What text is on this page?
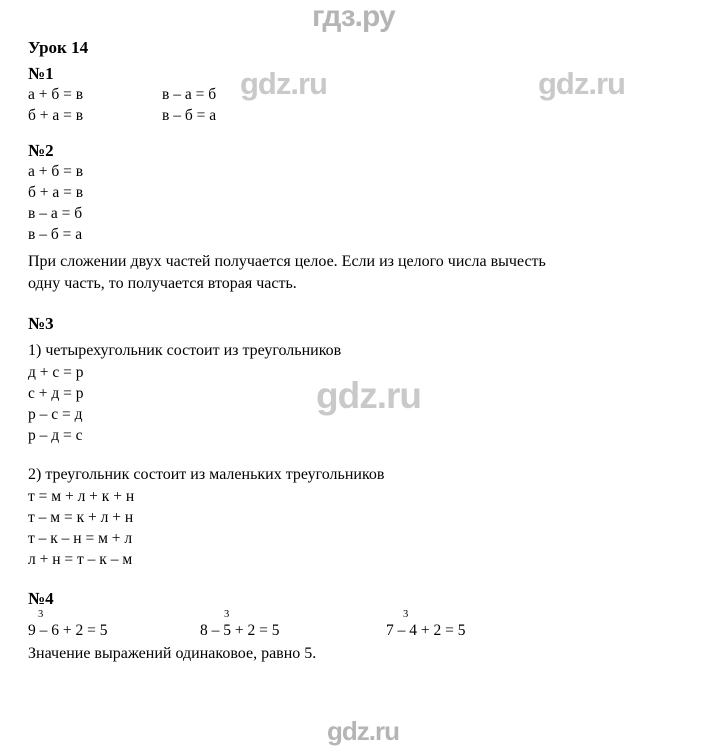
гдз.ру
gdz.ru	gdz.ru
gdz.ru
gdz.ru
Урок 14
№1
а + б = в	в – а = б
б + а = в	в – б = а
№2
а + б = в
б + а = в
в – а = б
в – б = а
При сложении двух частей получается целое. Если из целого числа вычесть
одну часть, то получается вторая часть.
№3
1) четырехугольник состоит из треугольников
д + с = р
с + д = р
р – с = д
р – д = с
2) треугольник состоит из маленьких треугольников
т = м + л + к + н
т – м = к + л + н
т – к – н = м + л
л + н = т – к – м
№4
3	3	3
9 – 6 + 2 = 5	8 – 5 + 2 = 5	7 – 4 + 2 = 5
Значение выражений одинаковое, равно 5.
